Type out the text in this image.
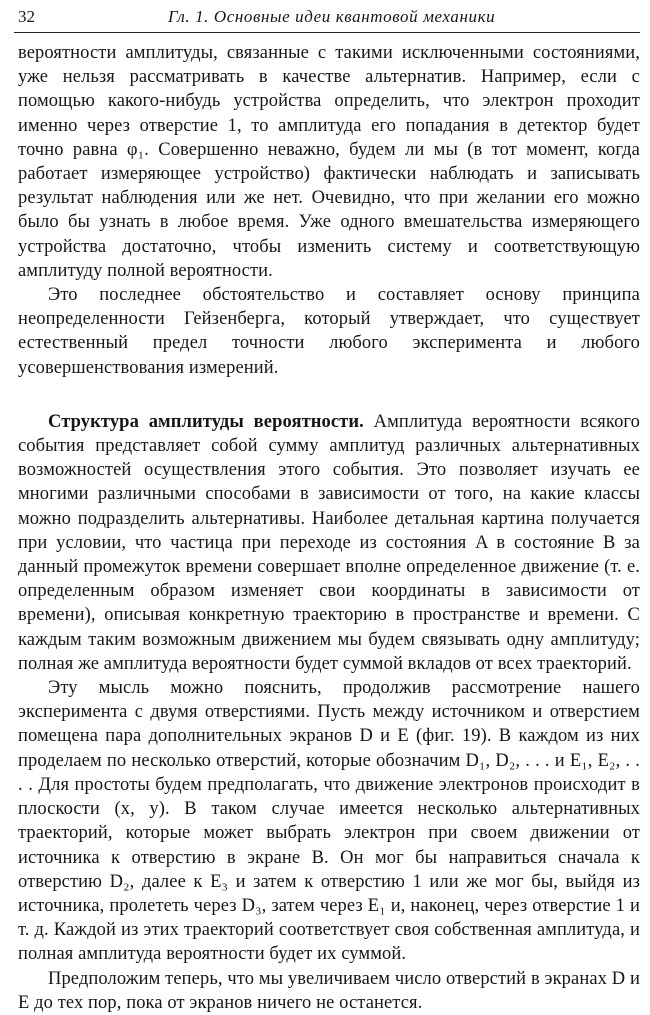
32	Гл. 1. Основные идеи квантовой механики

вероятности амплитуды, связанные с такими исключенными состояниями, уже нельзя рассматривать в качестве альтернатив. Например, если с помощью какого-нибудь устройства определить, что электрон проходит именно через отверстие 1, то амплитуда его попадания в детектор будет точно равна φ₁. Совершенно неважно, будем ли мы (в тот момент, когда работает измеряющее устройство) фактически наблюдать и записывать результат наблюдения или же нет. Очевидно, что при желании его можно было бы узнать в любое время. Уже одного вмешательства измеряющего устройства достаточно, чтобы изменить систему и соответствующую амплитуду полной вероятности.

Это последнее обстоятельство и составляет основу принципа неопределенности Гейзенберга, который утверждает, что существует естественный предел точности любого эксперимента и любого усовершенствования измерений.

Структура амплитуды вероятности. Амплитуда вероятности всякого события представляет собой сумму амплитуд различных альтернативных возможностей осуществления этого события. Это позволяет изучать ее многими различными способами в зависимости от того, на какие классы можно подразделить альтернативы. Наиболее детальная картина получается при условии, что частица при переходе из состояния A в состояние B за данный промежуток времени совершает вполне определенное движение (т. е. определенным образом изменяет свои координаты в зависимости от времени), описывая конкретную траекторию в пространстве и времени. С каждым таким возможным движением мы будем связывать одну амплитуду; полная же амплитуда вероятности будет суммой вкладов от всех траекторий.

Эту мысль можно пояснить, продолжив рассмотрение нашего эксперимента с двумя отверстиями. Пусть между источником и отверстием помещена пара дополнительных экранов D и E (фиг. 19). В каждом из них проделаем по несколько отверстий, которые обозначим D₁, D₂, . . . и E₁, E₂, . . . . Для простоты будем предполагать, что движение электронов происходит в плоскости (x, y). В таком случае имеется несколько альтернативных траекторий, которые может выбрать электрон при своем движении от источника к отверстию в экране B. Он мог бы направиться сначала к отверстию D₂, далее к E₃ и затем к отверстию 1 или же мог бы, выйдя из источника, пролететь через D₃, затем через E₁ и, наконец, через отверстие 1 и т. д. Каждой из этих траекторий соответствует своя собственная амплитуда, и полная амплитуда вероятности будет их суммой.

Предположим теперь, что мы увеличиваем число отверстий в экранах D и E до тех пор, пока от экранов ничего не останется.
